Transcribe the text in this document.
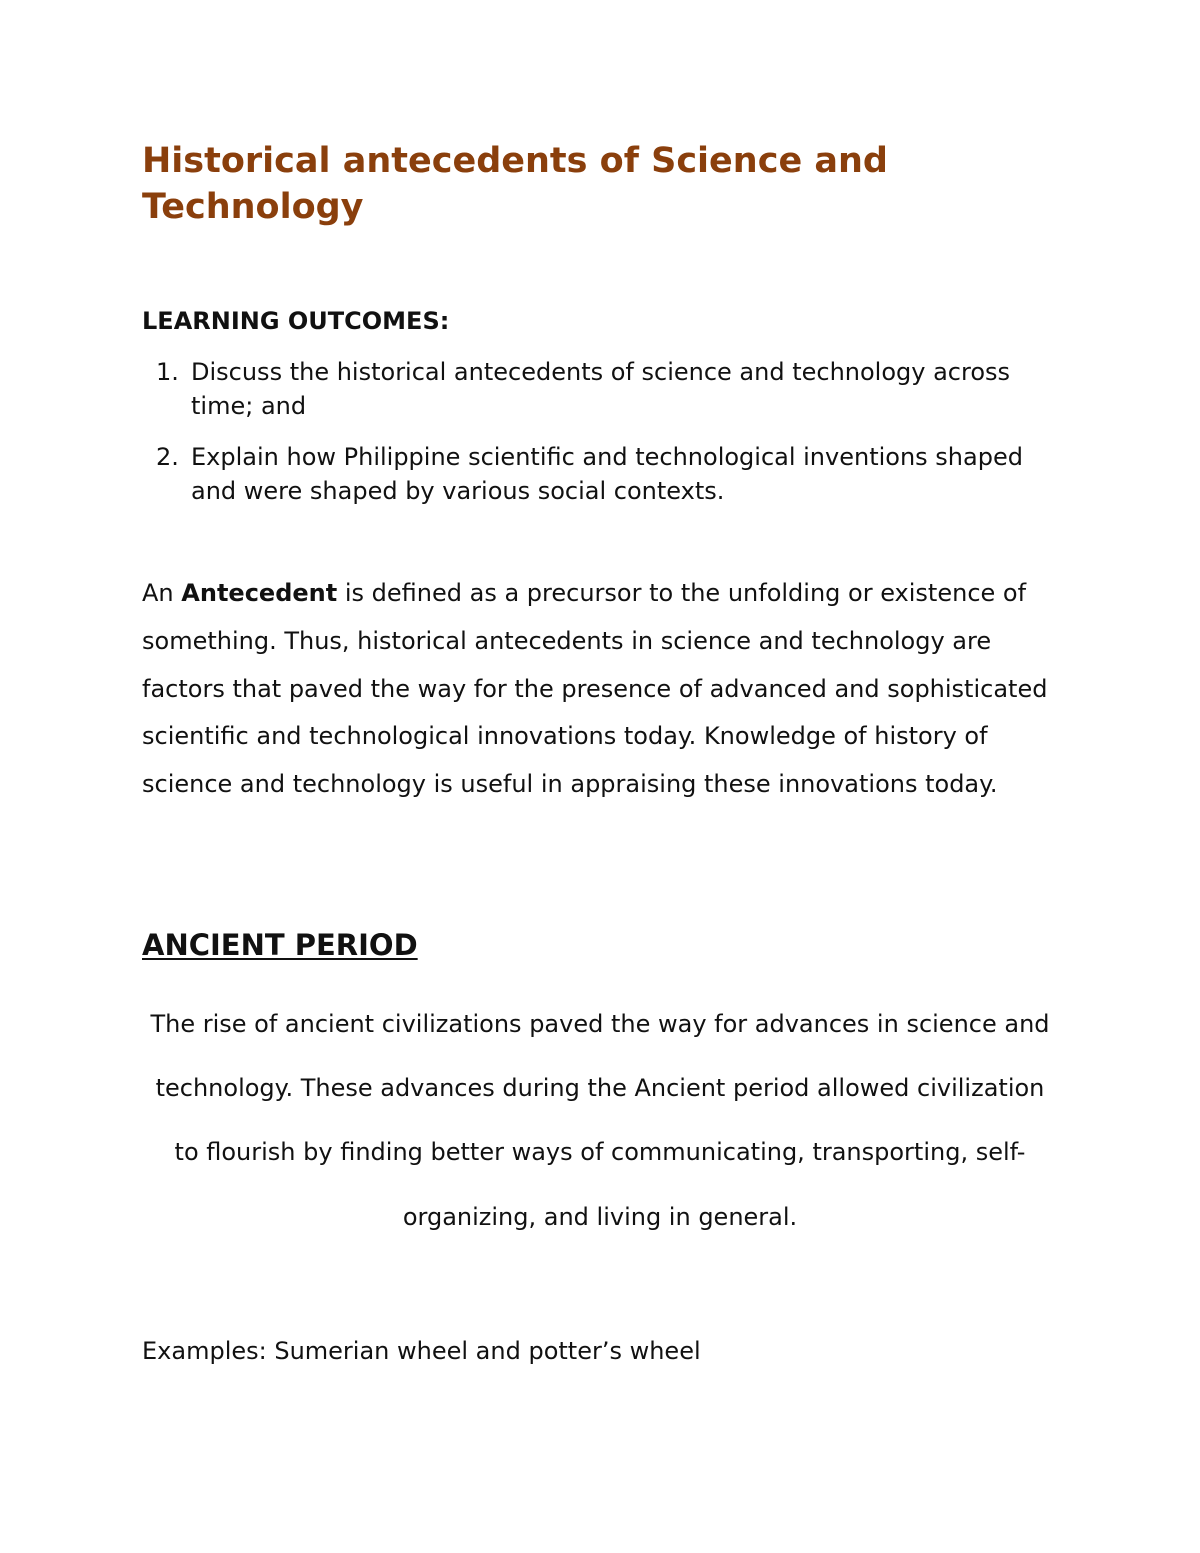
Historical antecedents of Science and Technology

LEARNING OUTCOMES:

1. Discuss the historical antecedents of science and technology across time; and
2. Explain how Philippine scientific and technological inventions shaped and were shaped by various social contexts.

An Antecedent is defined as a precursor to the unfolding or existence of something. Thus, historical antecedents in science and technology are factors that paved the way for the presence of advanced and sophisticated scientific and technological innovations today. Knowledge of history of science and technology is useful in appraising these innovations today.

ANCIENT PERIOD

The rise of ancient civilizations paved the way for advances in science and technology. These advances during the Ancient period allowed civilization to flourish by finding better ways of communicating, transporting, self-organizing, and living in general.

Examples: Sumerian wheel and potter’s wheel
